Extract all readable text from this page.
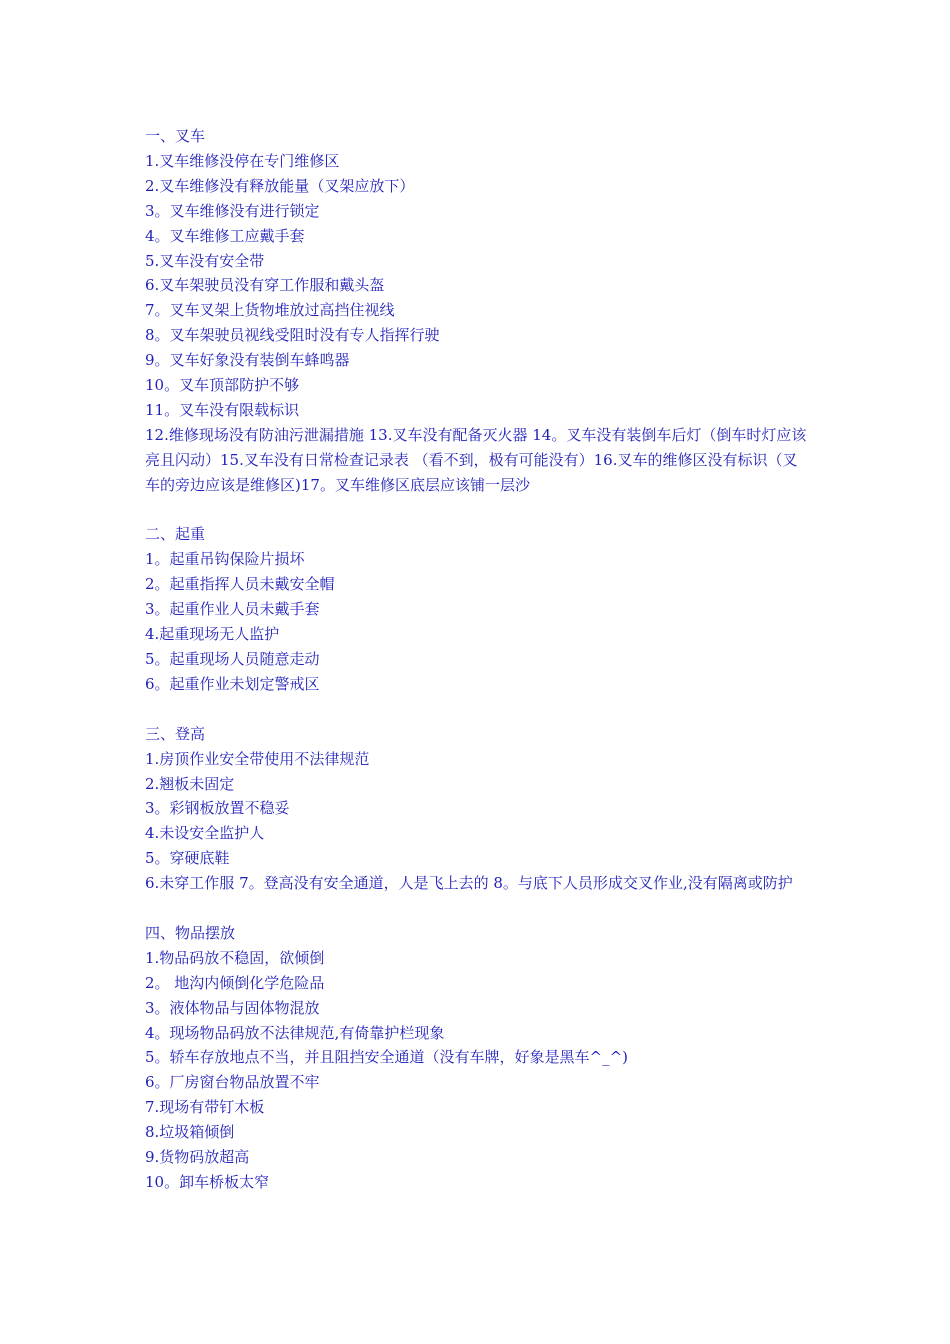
一、叉车

1.叉车维修没停在专门维修区

2.叉车维修没有释放能量（叉架应放下）

3。叉车维修没有进行锁定

4。叉车维修工应戴手套

5.叉车没有安全带

6.叉车架驶员没有穿工作服和戴头盔

7。叉车叉架上货物堆放过高挡住视线

8。叉车架驶员视线受阻时没有专人指挥行驶

9。叉车好象没有装倒车蜂鸣器

10。叉车顶部防护不够

11。叉车没有限载标识

12.维修现场没有防油污泄漏措施 13.叉车没有配备灭火器 14。叉车没有装倒车后灯（倒车时灯应该亮且闪动）15.叉车没有日常检查记录表 （看不到，极有可能没有）16.叉车的维修区没有标识（叉车的旁边应该是维修区)17。叉车维修区底层应该铺一层沙

二、起重

1。起重吊钩保险片损坏

2。起重指挥人员未戴安全帽

3。起重作业人员未戴手套

4.起重现场无人监护

5。起重现场人员随意走动

6。起重作业未划定警戒区

三、登高

1.房顶作业安全带使用不法律规范

2.翘板未固定

3。彩钢板放置不稳妥

4.未设安全监护人

5。穿硬底鞋

6.未穿工作服 7。登高没有安全通道，人是飞上去的 8。与底下人员形成交叉作业,没有隔离或防护

四、物品摆放

1.物品码放不稳固，欲倾倒

2。 地沟内倾倒化学危险品

3。液体物品与固体物混放

4。现场物品码放不法律规范,有倚靠护栏现象

5。轿车存放地点不当，并且阻挡安全通道（没有车牌，好象是黑车^_^)

6。厂房窗台物品放置不牢

7.现场有带钉木板

8.垃圾箱倾倒

9.货物码放超高

10。卸车桥板太窄
